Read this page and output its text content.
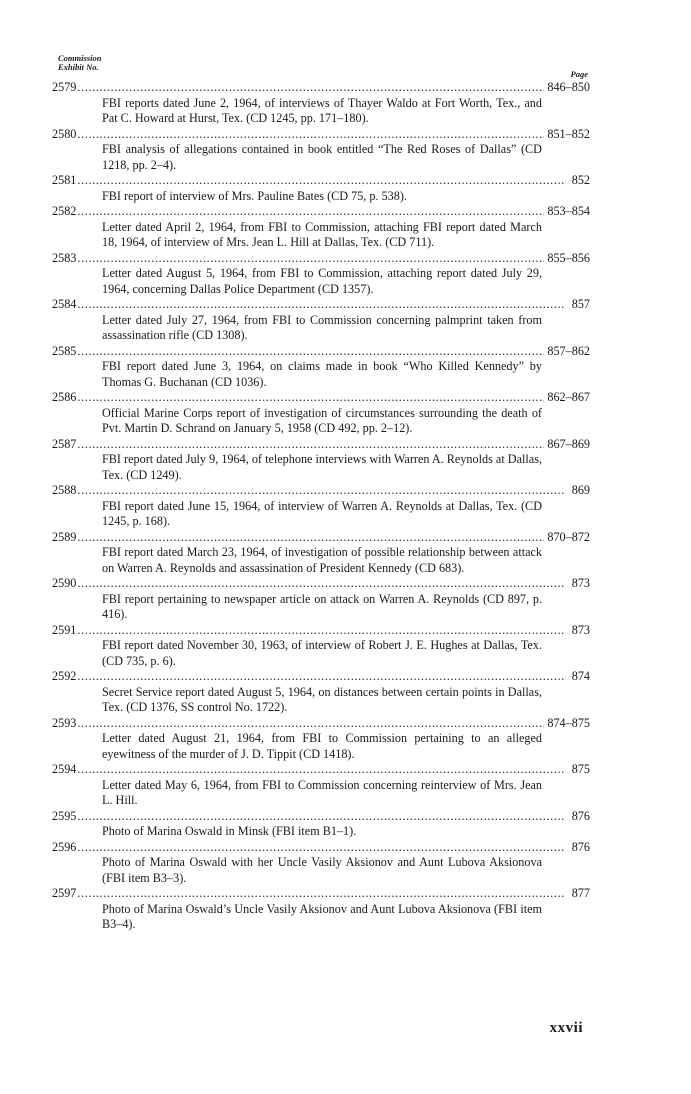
Commission
Exhibit No.
Page
2579 . . .	846–850
FBI reports dated June 2, 1964, of interviews of Thayer Waldo at Fort Worth, Tex., and Pat C. Howard at Hurst, Tex. (CD 1245, pp. 171–180).
2580 . . .	851–852
FBI analysis of allegations contained in book entitled “The Red Roses of Dallas” (CD 1218, pp. 2–4).
2581 . . .	852
FBI report of interview of Mrs. Pauline Bates (CD 75, p. 538).
2582 . . .	853–854
Letter dated April 2, 1964, from FBI to Commission, attaching FBI report dated March 18, 1964, of interview of Mrs. Jean L. Hill at Dallas, Tex. (CD 711).
2583 . . .	855–856
Letter dated August 5, 1964, from FBI to Commission, attaching report dated July 29, 1964, concerning Dallas Police Department (CD 1357).
2584 . . .	857
Letter dated July 27, 1964, from FBI to Commission concerning palmprint taken from assassination rifle (CD 1308).
2585 . . .	857–862
FBI report dated June 3, 1964, on claims made in book “Who Killed Kennedy” by Thomas G. Buchanan (CD 1036).
2586 . . .	862–867
Official Marine Corps report of investigation of circumstances surrounding the death of Pvt. Martin D. Schrand on January 5, 1958 (CD 492, pp. 2–12).
2587 . . .	867–869
FBI report dated July 9, 1964, of telephone interviews with Warren A. Reynolds at Dallas, Tex. (CD 1249).
2588 . . .	869
FBI report dated June 15, 1964, of interview of Warren A. Reynolds at Dallas, Tex. (CD 1245, p. 168).
2589 . . .	870–872
FBI report dated March 23, 1964, of investigation of possible relationship between attack on Warren A. Reynolds and assassination of President Kennedy (CD 683).
2590 . . .	873
FBI report pertaining to newspaper article on attack on Warren A. Reynolds (CD 897, p. 416).
2591 . . .	873
FBI report dated November 30, 1963, of interview of Robert J. E. Hughes at Dallas, Tex. (CD 735, p. 6).
2592 . . .	874
Secret Service report dated August 5, 1964, on distances between certain points in Dallas, Tex. (CD 1376, SS control No. 1722).
2593 . . .	874–875
Letter dated August 21, 1964, from FBI to Commission pertaining to an alleged eyewitness of the murder of J. D. Tippit (CD 1418).
2594 . . .	875
Letter dated May 6, 1964, from FBI to Commission concerning reinterview of Mrs. Jean L. Hill.
2595 . . .	876
Photo of Marina Oswald in Minsk (FBI item B1–1).
2596 . . .	876
Photo of Marina Oswald with her Uncle Vasily Aksionov and Aunt Lubova Aksionova (FBI item B3–3).
2597 . . .	877
Photo of Marina Oswald’s Uncle Vasily Aksionov and Aunt Lubova Aksionova (FBI item B3–4).
xxvii
